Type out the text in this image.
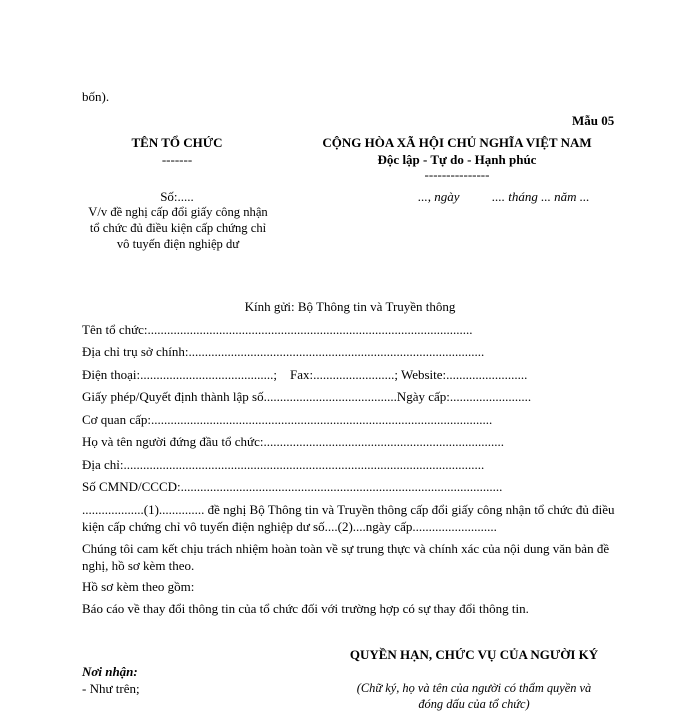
bốn).
Mẫu 05
TÊN TỔ CHỨC
-------
Số:.....
V/v đề nghị cấp đổi giấy công nhận tổ chức đủ điều kiện cấp chứng chỉ vô tuyến điện nghiệp dư
CỘNG HÒA XÃ HỘI CHỦ NGHĨA VIỆT NAM
Độc lập - Tự do - Hạnh phúc
---------------
..., ngày          .... tháng ... năm ...
Kính gửi: Bộ Thông tin và Truyền thông
Tên tổ chức:....................................................................................................
Địa chỉ trụ sở chính:...........................................................................................
Điện thoại:.........................................;    Fax:.........................; Website:.........................
Giấy phép/Quyết định thành lập số.........................................Ngày cấp:.........................
Cơ quan cấp:.........................................................................................................
Họ và tên người đứng đầu tổ chức:..........................................................................
Địa chỉ:...............................................................................................................
Số CMND/CCCD:...................................................................................................
...................(1).............. đề nghị Bộ Thông tin và Truyền thông cấp đổi giấy công nhận tổ chức đủ điều kiện cấp chứng chỉ vô tuyến điện nghiệp dư số....(2)....ngày cấp..........................
Chúng tôi cam kết chịu trách nhiệm hoàn toàn về sự trung thực và chính xác của nội dung văn bản đề nghị, hồ sơ kèm theo.
Hồ sơ kèm theo gồm:
Báo cáo về thay đổi thông tin của tổ chức đối với trường hợp có sự thay đổi thông tin.
QUYỀN HẠN, CHỨC VỤ CỦA NGƯỜI KÝ
(Chữ ký, họ và tên của người có thẩm quyền và đóng dấu của tổ chức)
Nơi nhận:
- Như trên;
